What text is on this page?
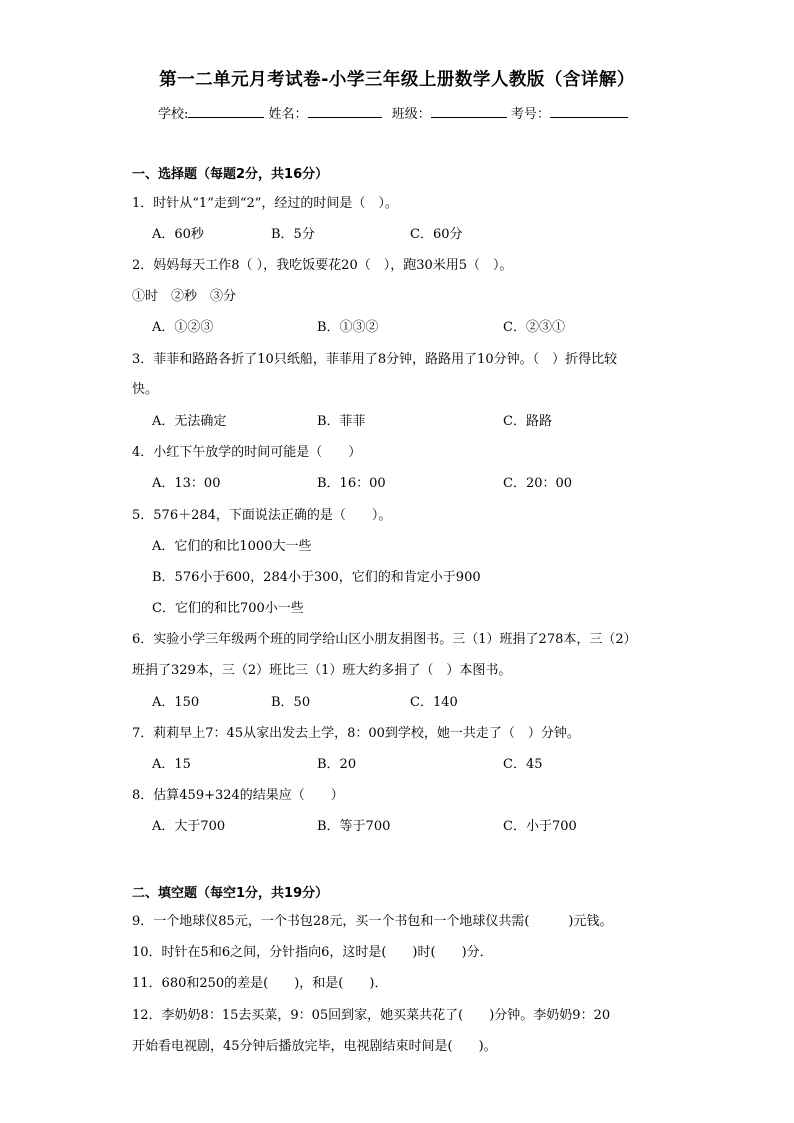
第一二单元月考试卷-小学三年级上册数学人教版（含详解）
学校:	姓名：	班级：	考号：
一、选择题（每题2分，共16分）
1．时针从“1”走到“2”，经过的时间是（　）。
A．60秒	B．5分	C．60分
2．妈妈每天工作8（ ），我吃饭要花20（　），跑30米用5（　）。
①时　②秒　③分
A．①②③	B．①③②	C．②③①
3．菲菲和路路各折了10只纸船，菲菲用了8分钟，路路用了10分钟。（　）折得比较
快。
A．无法确定	B．菲菲	C．路路
4．小红下午放学的时间可能是（　　）
A．13：00	B．16：00	C．20：00
5．576＋284，下面说法正确的是（　　）。
A．它们的和比1000大一些
B．576小于600，284小于300，它们的和肯定小于900
C．它们的和比700小一些
6．实验小学三年级两个班的同学给山区小朋友捐图书。三（1）班捐了278本，三（2）
班捐了329本，三（2）班比三（1）班大约多捐了（　）本图书。
A．150	B．50	C．140
7．莉莉早上7：45从家出发去上学，8：00到学校，她一共走了（　）分钟。
A．15	B．20	C．45
8．估算459+324的结果应（　　）
A．大于700	B．等于700	C．小于700
二、填空题（每空1分，共19分）
9．一个地球仪85元，一个书包28元，买一个书包和一个地球仪共需(　　　)元钱。
10．时针在5和6之间，分针指向6，这时是(　　)时(　　)分．
11．680和250的差是(　　)，和是(　　)．
12．李奶奶8：15去买菜，9：05回到家，她买菜共花了(　　)分钟。李奶奶9：20
开始看电视剧，45分钟后播放完毕，电视剧结束时间是(　　)。
